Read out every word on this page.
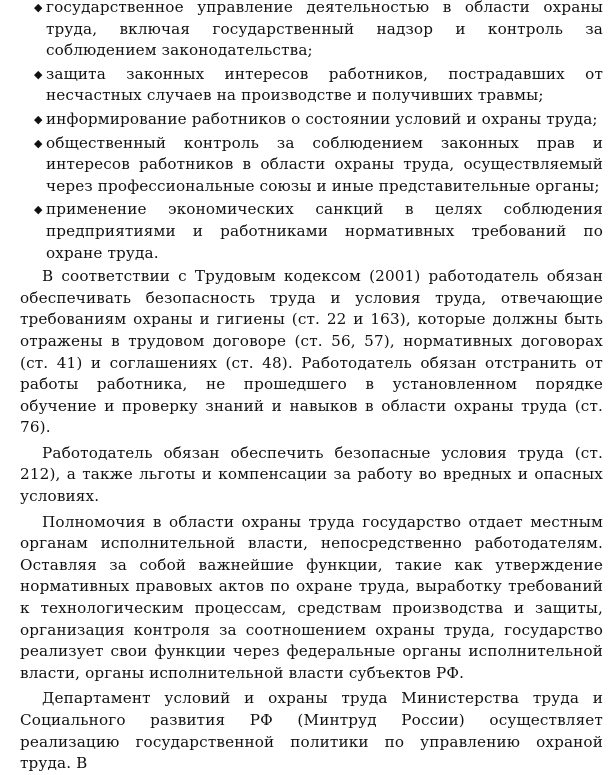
◆ государственное управление деятельностью в области охраны труда, включая государственный надзор и контроль за соблюдением законодательства;
◆ защита законных интересов работников, пострадавших от несчастных случаев на производстве и получивших травмы;
◆ информирование работников о состоянии условий и охраны труда;
◆ общественный контроль за соблюдением законных прав и интересов работников в области охраны труда, осуществляемый через профессиональные союзы и иные представительные органы;
◆ применение экономических санкций в целях соблюдения предприятиями и работниками нормативных требований по охране труда.

В соответствии с Трудовым кодексом (2001) работодатель обязан обеспечивать безопасность труда и условия труда, отвечающие требованиям охраны и гигиены (ст. 22 и 163), которые должны быть отражены в трудовом договоре (ст. 56, 57), нормативных договорах (ст. 41) и соглашениях (ст. 48). Работодатель обязан отстранить от работы работника, не прошедшего в установленном порядке обучение и проверку знаний и навыков в области охраны труда (ст. 76).

Работодатель обязан обеспечить безопасные условия труда (ст. 212), а также льготы и компенсации за работу во вредных и опасных условиях.

Полномочия в области охраны труда государство отдает местным органам исполнительной власти, непосредственно работодателям. Оставляя за собой важнейшие функции, такие как утверждение нормативных правовых актов по охране труда, выработку требований к технологическим процессам, средствам производства и защиты, организация контроля за соотношением охраны труда, государство реализует свои функции через федеральные органы исполнительной власти, органы исполнительной власти субъектов РФ.

Департамент условий и охраны труда Министерства труда и Социального развития РФ (Минтруд России) осуществляет реализацию государственной политики по управлению охраной труда. В
